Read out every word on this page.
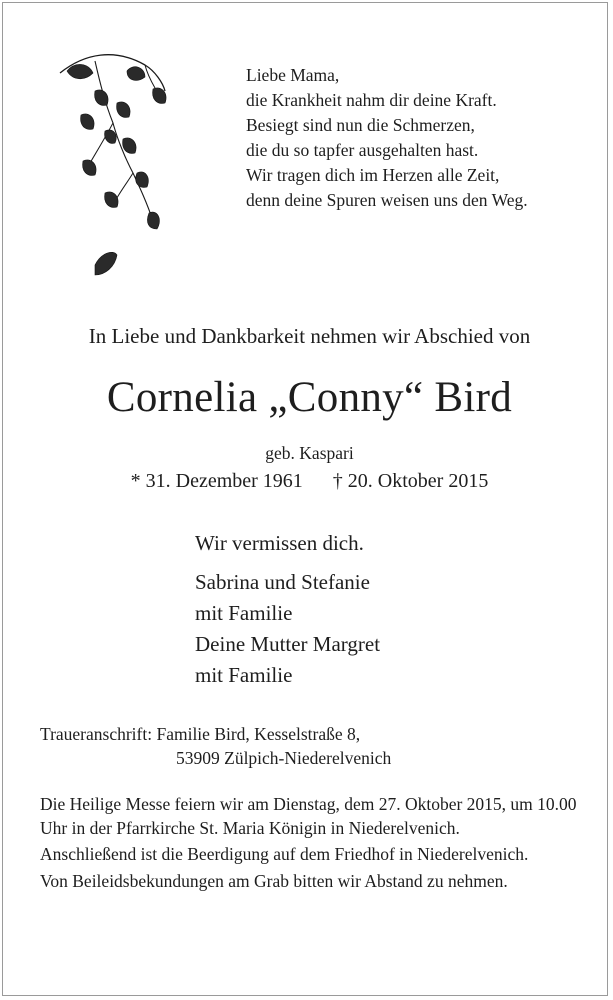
Liebe Mama,
die Krankheit nahm dir deine Kraft.
Besiegt sind nun die Schmerzen,
die du so tapfer ausgehalten hast.
Wir tragen dich im Herzen alle Zeit,
denn deine Spuren weisen uns den Weg.
In Liebe und Dankbarkeit nehmen wir Abschied von
Cornelia „Conny“ Bird
geb. Kaspari
* 31. Dezember 1961      † 20. Oktober 2015
Wir vermissen dich.
Sabrina und Stefanie
mit Familie
Deine Mutter Margret
mit Familie
Traueranschrift: Familie Bird, Kesselstraße 8,
53909 Zülpich-Niederelvenich

Die Heilige Messe feiern wir am Dienstag, dem 27. Oktober 2015, um 10.00 Uhr in der Pfarrkirche St. Maria Königin in Niederelvenich.

Anschließend ist die Beerdigung auf dem Friedhof in Niederelvenich.

Von Beileidsbekundungen am Grab bitten wir Abstand zu nehmen.
